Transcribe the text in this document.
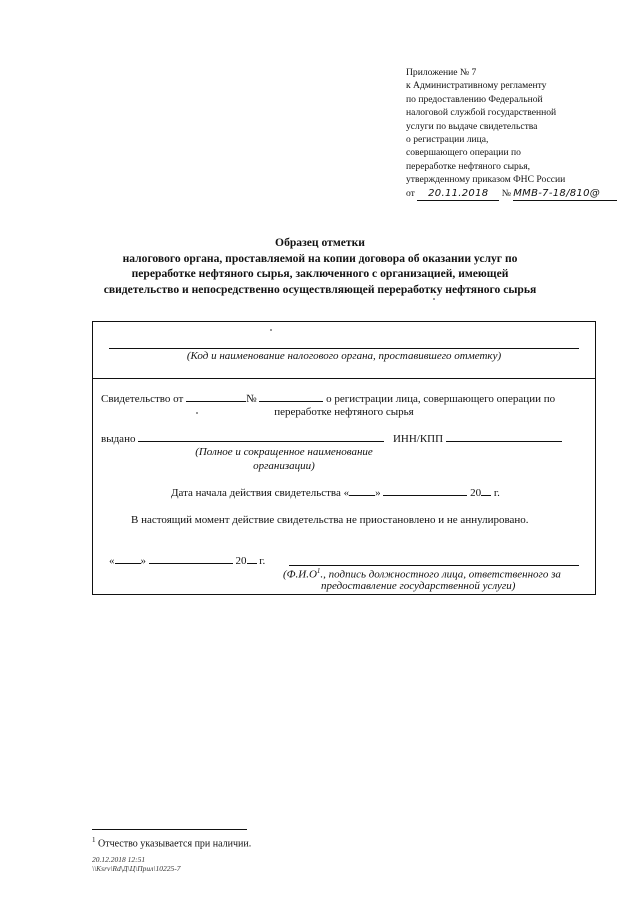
Приложение № 7
к Административному регламенту
по предоставлению Федеральной
налоговой службой государственной
услуги по выдаче свидетельства
о регистрации лица,
совершающего операции по
переработке нефтяного сырья,
утвержденному приказом ФНС России
от 20.11.2018 № ММВ-7-18/810@
Образец отметки
налогового органа, проставляемой на копии договора об оказании услуг по
переработке нефтяного сырья, заключенного с организацией, имеющей
свидетельство и непосредственно осуществляющей переработку нефтяного сырья
(Код и наименование налогового органа, проставившего отметку)
Свидетельство от	№	о регистрации лица, совершающего операции по
переработке нефтяного сырья
выдано	ИНН/КПП
(Полное и сокращенное наименование
организации)
Дата начала действия свидетельства « »	20 г.
В настоящий момент действие свидетельства не приостановлено и не аннулировано.
« »	20 г.
($Ф.И.О^1$., подпись должностного лица, ответственного за
предоставление государственной услуги)
$^1$ Отчество указывается при наличии.
20.12.2018 12:51
\\Ksrv\Rd\Д\Ц\Прил\10225-7
